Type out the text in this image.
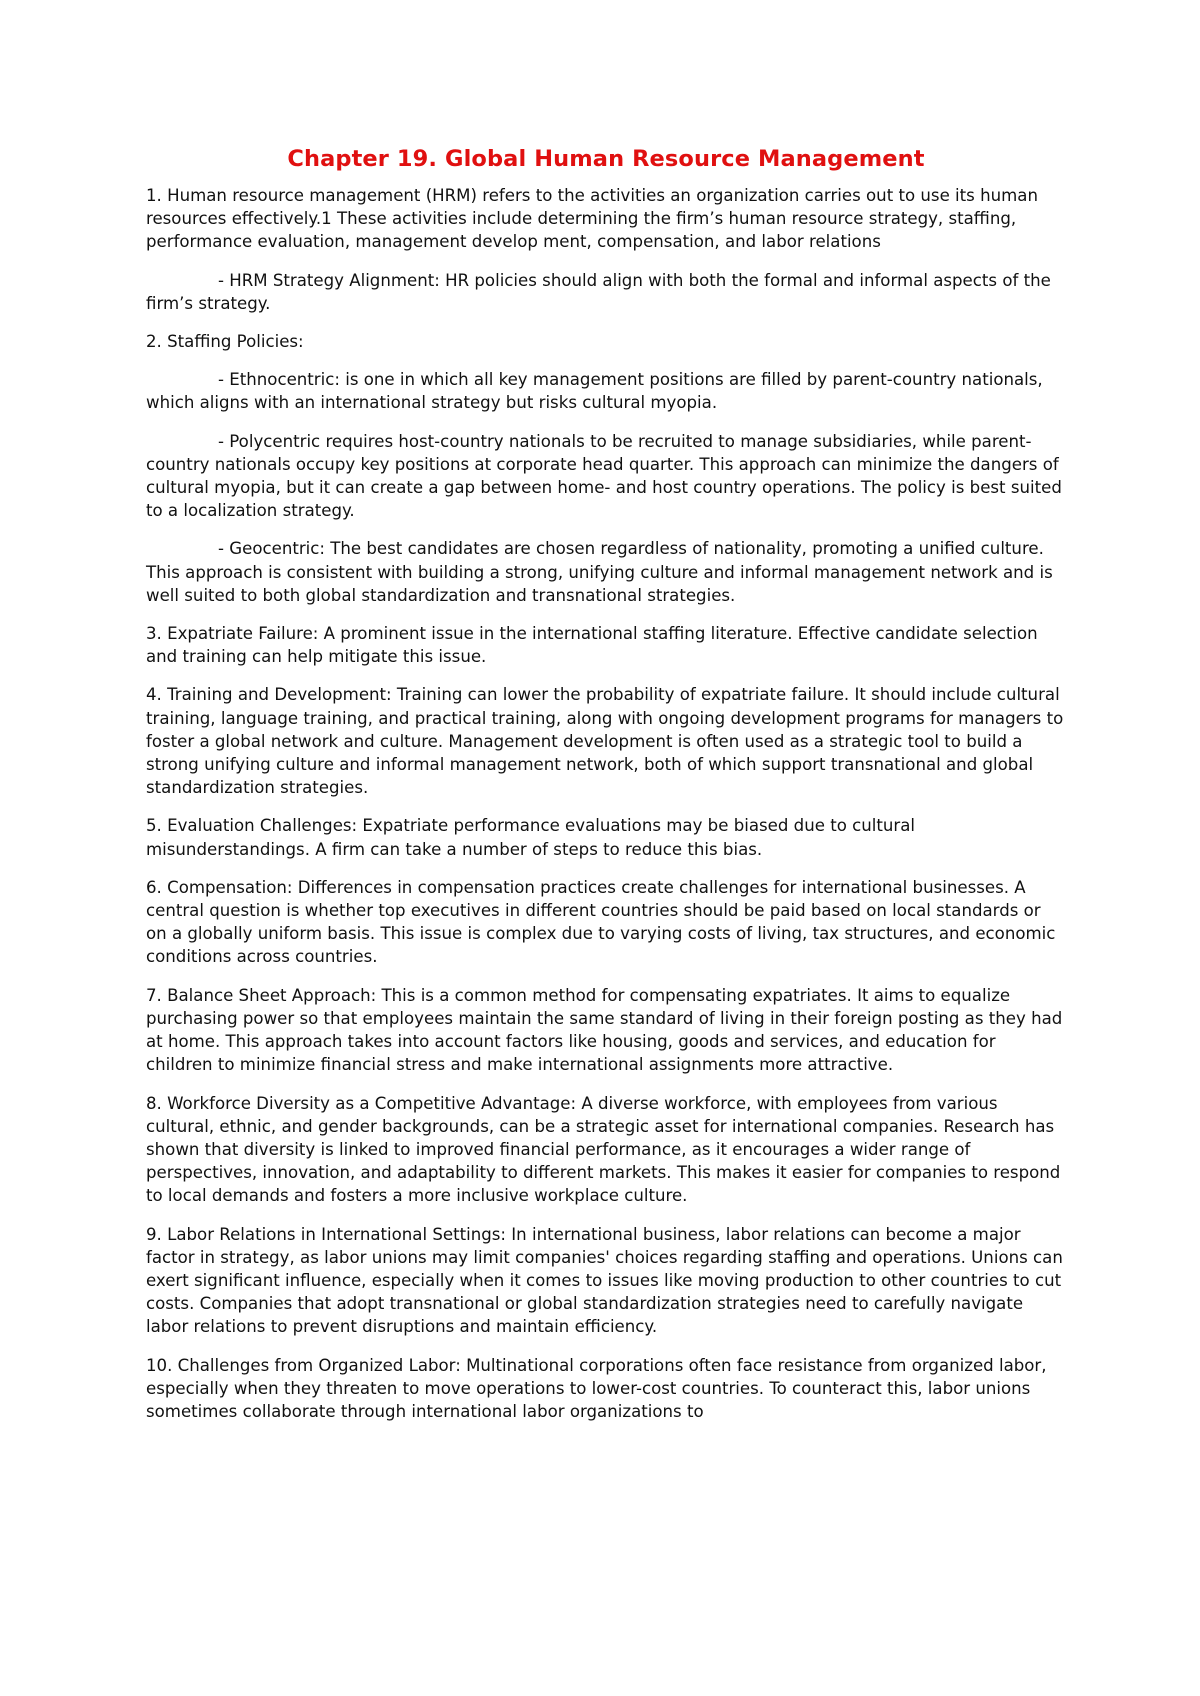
Chapter 19. Global Human Resource Management

1. Human resource management (HRM) refers to the activities an organization carries out to use its human resources effectively.1 These activities include determining the firm’s human resource strategy, staffing, performance evaluation, management develop ment, compensation, and labor relations

- HRM Strategy Alignment: HR policies should align with both the formal and informal aspects of the firm’s strategy.

2. Staffing Policies:

- Ethnocentric: is one in which all key management positions are filled by parent-country nationals, which aligns with an international strategy but risks cultural myopia.

- Polycentric requires host-country nationals to be recruited to manage subsidiaries, while parent-country nationals occupy key positions at corporate head quarter. This approach can minimize the dangers of cultural myopia, but it can create a gap between home- and host country operations. The policy is best suited to a localization strategy.

- Geocentric: The best candidates are chosen regardless of nationality, promoting a unified culture. This approach is consistent with building a strong, unifying culture and informal management network and is well suited to both global standardization and transnational strategies.

3. Expatriate Failure: A prominent issue in the international staffing literature. Effective candidate selection and training can help mitigate this issue.

4. Training and Development: Training can lower the probability of expatriate failure. It should include cultural training, language training, and practical training, along with ongoing development programs for managers to foster a global network and culture. Management development is often used as a strategic tool to build a strong unifying culture and informal management network, both of which support transnational and global standardization strategies.

5. Evaluation Challenges: Expatriate performance evaluations may be biased due to cultural misunderstandings. A firm can take a number of steps to reduce this bias.

6. Compensation: Differences in compensation practices create challenges for international businesses. A central question is whether top executives in different countries should be paid based on local standards or on a globally uniform basis. This issue is complex due to varying costs of living, tax structures, and economic conditions across countries.

7. Balance Sheet Approach: This is a common method for compensating expatriates. It aims to equalize purchasing power so that employees maintain the same standard of living in their foreign posting as they had at home. This approach takes into account factors like housing, goods and services, and education for children to minimize financial stress and make international assignments more attractive.

8. Workforce Diversity as a Competitive Advantage: A diverse workforce, with employees from various cultural, ethnic, and gender backgrounds, can be a strategic asset for international companies. Research has shown that diversity is linked to improved financial performance, as it encourages a wider range of perspectives, innovation, and adaptability to different markets. This makes it easier for companies to respond to local demands and fosters a more inclusive workplace culture.

9. Labor Relations in International Settings: In international business, labor relations can become a major factor in strategy, as labor unions may limit companies' choices regarding staffing and operations. Unions can exert significant influence, especially when it comes to issues like moving production to other countries to cut costs. Companies that adopt transnational or global standardization strategies need to carefully navigate labor relations to prevent disruptions and maintain efficiency.

10. Challenges from Organized Labor: Multinational corporations often face resistance from organized labor, especially when they threaten to move operations to lower-cost countries. To counteract this, labor unions sometimes collaborate through international labor organizations to
